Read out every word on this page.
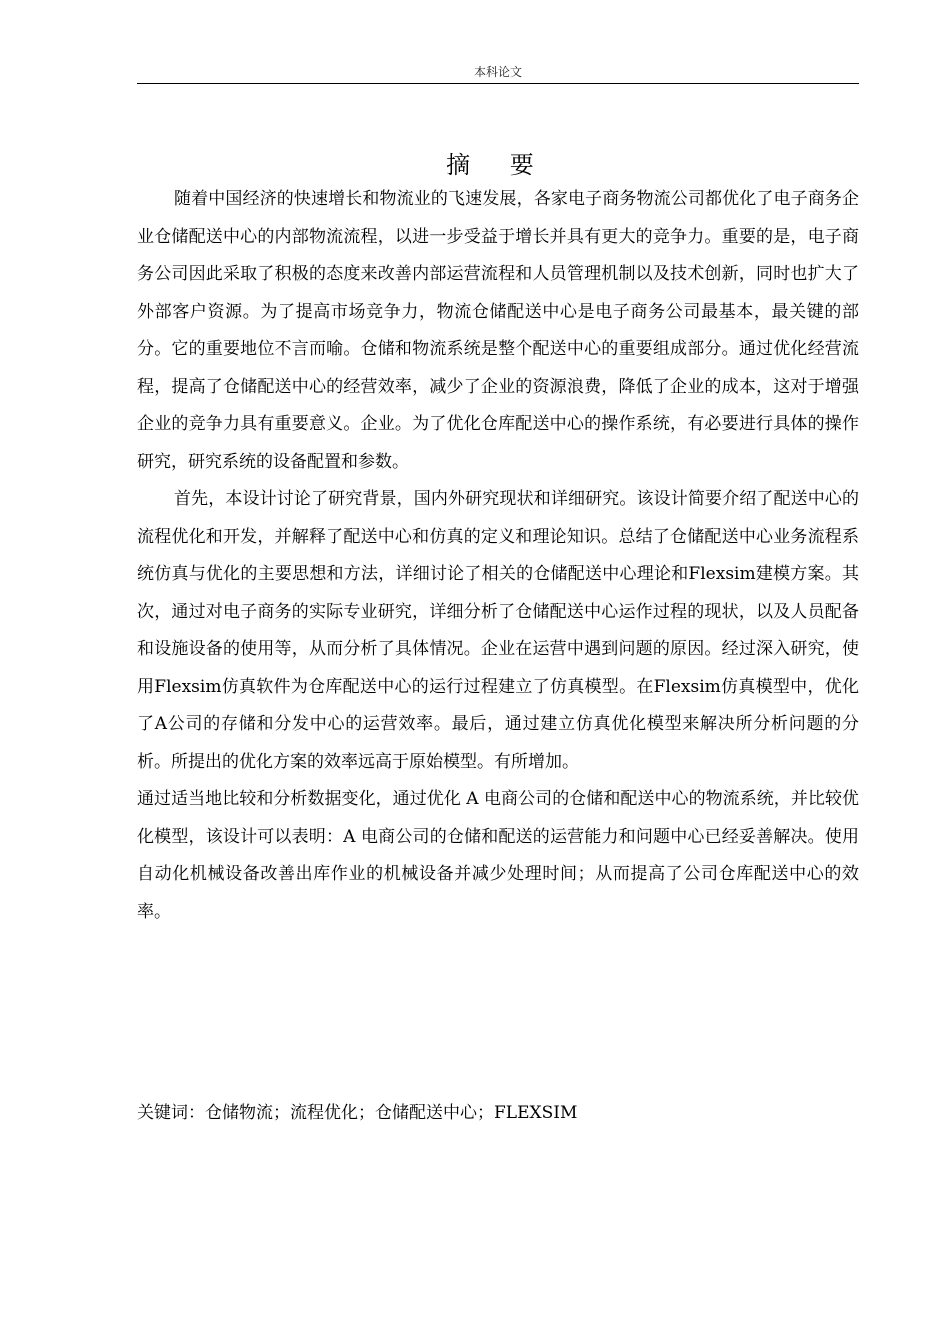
本科论文
摘 要

随着中国经济的快速增长和物流业的飞速发展，各家电子商务物流公司都优化了电子商务企业仓储配送中心的内部物流流程，以进一步受益于增长并具有更大的竞争力。重要的是，电子商务公司因此采取了积极的态度来改善内部运营流程和人员管理机制以及技术创新，同时也扩大了外部客户资源。为了提高市场竞争力，物流仓储配送中心是电子商务公司最基本，最关键的部分。它的重要地位不言而喻。仓储和物流系统是整个配送中心的重要组成部分。通过优化经营流程，提高了仓储配送中心的经营效率，减少了企业的资源浪费，降低了企业的成本，这对于增强企业的竞争力具有重要意义。企业。为了优化仓库配送中心的操作系统，有必要进行具体的操作研究，研究系统的设备配置和参数。

首先，本设计讨论了研究背景，国内外研究现状和详细研究。该设计简要介绍了配送中心的流程优化和开发，并解释了配送中心和仿真的定义和理论知识。总结了仓储配送中心业务流程系统仿真与优化的主要思想和方法，详细讨论了相关的仓储配送中心理论和Flexsim建模方案。其次，通过对电子商务的实际专业研究，详细分析了仓储配送中心运作过程的现状，以及人员配备和设施设备的使用等，从而分析了具体情况。企业在运营中遇到问题的原因。经过深入研究，使用Flexsim仿真软件为仓库配送中心的运行过程建立了仿真模型。在Flexsim仿真模型中，优化了A公司的存储和分发中心的运营效率。最后，通过建立仿真优化模型来解决所分析问题的分析。所提出的优化方案的效率远高于原始模型。有所增加。

通过适当地比较和分析数据变化，通过优化 A 电商公司的仓储和配送中心的物流系统，并比较优化模型，该设计可以表明：A 电商公司的仓储和配送的运营能力和问题中心已经妥善解决。使用自动化机械设备改善出库作业的机械设备并减少处理时间；从而提高了公司仓库配送中心的效率。

关键词：仓储物流；流程优化；仓储配送中心；FLEXSIM
